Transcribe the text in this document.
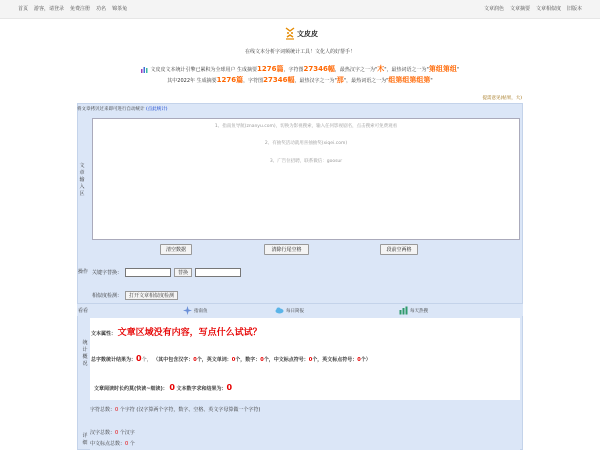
首页 游客，请登录 免费注册 功名 锦茶兔	文章润色 文章摘要 文章相似度 旧版本
文皮皮
在线文本分析字词频统计工具！文化人的好帮手！
文皮皮文本统计引擎已累积为全球用户 生成摘要1276篇，字符图27346幅，最热汉字之一为"木"，最热词语之一为"第组第组"
其中2022年 生成摘要1276篇，字符图27346幅，最热汉字之一为"那"，最热词语之一为"组第组第组第"
提需意见(帖果，大)
将文章拷贝过来即可进行自动统计 (点此统计)
文
章
输
入
区
1、指南鱼导航(znanyu.com)，切换为影视搜索，输入任何影视剧名，点击搜索可免费观看
2、有抽奖活动就用喜抽抽奖(xiqei.com)
3、广告位招聘，联系微信：goosur
清空数据	清除行尾空格	段前空两格
操作 关键字替换：	替换
相似度检测：	打开文章相似度检测
看看	指南鱼	每日简报	每天热搜
统
计
概
况
文本属性： 文章区域没有内容，写点什么试试？
总字数统计结果为：0个， （其中包含汉字：0个，英文单词：0个，数字：0个，中文标点符号：0个，英文标点符号：0个）
文章阅读时长约莫(快读~细读)： 0 文本数字求和结果为：0
详
细
字符总数：0 个字符 (汉字算两个字符，数字、空格、英文字母算做一个字符)
汉字总数：0 个汉字
中文标点总数：0 个
